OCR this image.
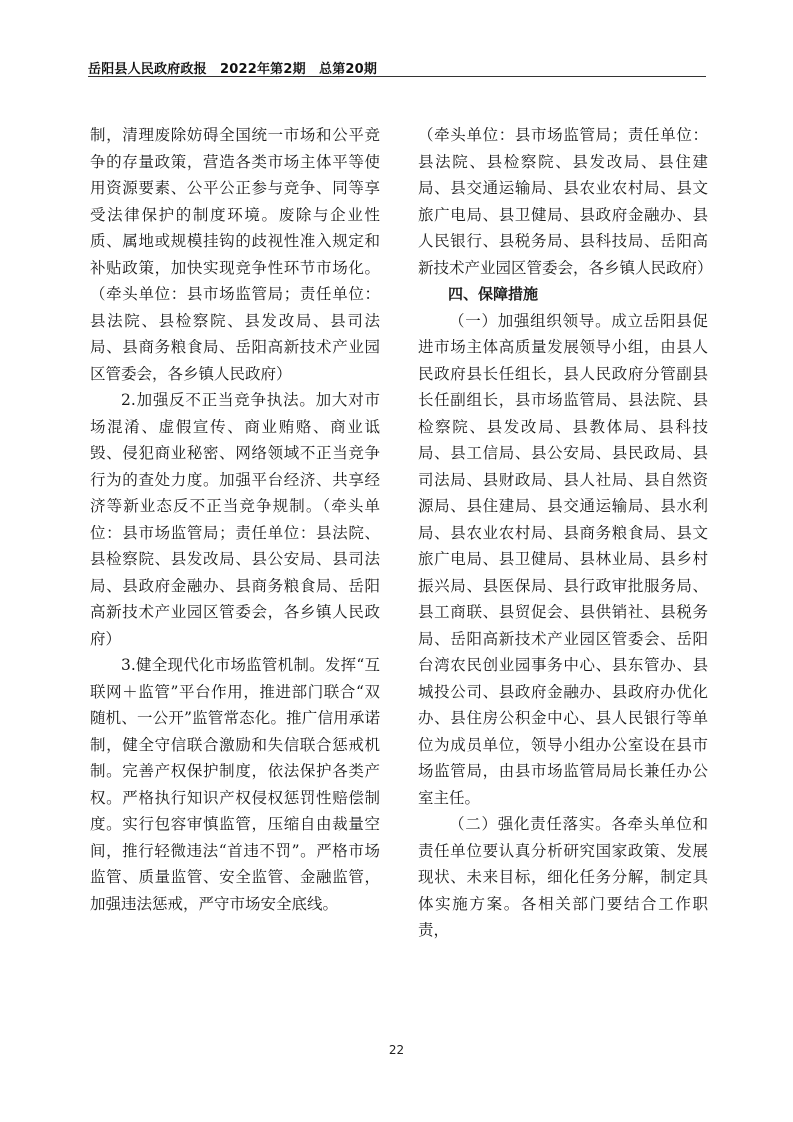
岳阳县人民政府政报　2022年第2期　总第20期

制，清理废除妨碍全国统一市场和公平竞争的存量政策，营造各类市场主体平等使用资源要素、公平公正参与竞争、同等享受法律保护的制度环境。废除与企业性质、属地或规模挂钩的歧视性准入规定和补贴政策，加快实现竞争性环节市场化。（牵头单位：县市场监管局；责任单位：县法院、县检察院、县发改局、县司法局、县商务粮食局、岳阳高新技术产业园区管委会，各乡镇人民政府）

2.加强反不正当竞争执法。加大对市场混淆、虚假宣传、商业贿赂、商业诋毁、侵犯商业秘密、网络领域不正当竞争行为的查处力度。加强平台经济、共享经济等新业态反不正当竞争规制。（牵头单位：县市场监管局；责任单位：县法院、县检察院、县发改局、县公安局、县司法局、县政府金融办、县商务粮食局、岳阳高新技术产业园区管委会，各乡镇人民政府）

3.健全现代化市场监管机制。发挥“互联网＋监管”平台作用，推进部门联合“双随机、一公开”监管常态化。推广信用承诺制，健全守信联合激励和失信联合惩戒机制。完善产权保护制度，依法保护各类产权。严格执行知识产权侵权惩罚性赔偿制度。实行包容审慎监管，压缩自由裁量空间，推行轻微违法“首违不罚”。严格市场监管、质量监管、安全监管、金融监管，加强违法惩戒，严守市场安全底线。

（牵头单位：县市场监管局；责任单位：县法院、县检察院、县发改局、县住建局、县交通运输局、县农业农村局、县文旅广电局、县卫健局、县政府金融办、县人民银行、县税务局、县科技局、岳阳高新技术产业园区管委会，各乡镇人民政府）

四、保障措施

（一）加强组织领导。成立岳阳县促进市场主体高质量发展领导小组，由县人民政府县长任组长，县人民政府分管副县长任副组长，县市场监管局、县法院、县检察院、县发改局、县教体局、县科技局、县工信局、县公安局、县民政局、县司法局、县财政局、县人社局、县自然资源局、县住建局、县交通运输局、县水利局、县农业农村局、县商务粮食局、县文旅广电局、县卫健局、县林业局、县乡村振兴局、县医保局、县行政审批服务局、县工商联、县贸促会、县供销社、县税务局、岳阳高新技术产业园区管委会、岳阳台湾农民创业园事务中心、县东管办、县城投公司、县政府金融办、县政府办优化办、县住房公积金中心、县人民银行等单位为成员单位，领导小组办公室设在县市场监管局，由县市场监管局局长兼任办公室主任。

（二）强化责任落实。各牵头单位和责任单位要认真分析研究国家政策、发展现状、未来目标，细化任务分解，制定具体实施方案。各相关部门要结合工作职责，

22
